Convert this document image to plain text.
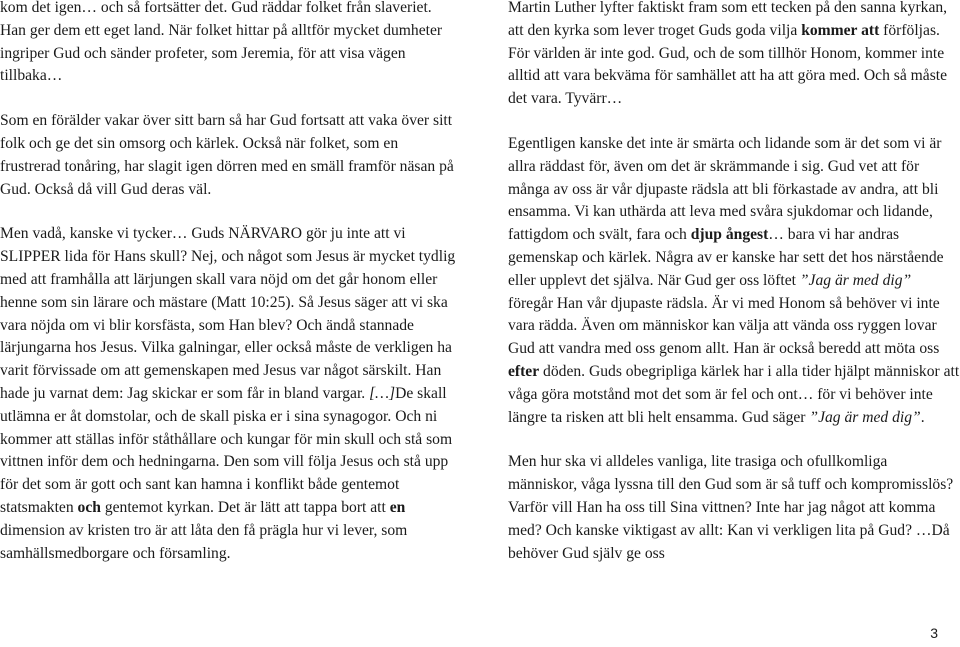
kom det igen… och så fortsätter det. Gud räddar folket från slaveriet. Han ger dem ett eget land. När folket hittar på alltför mycket dumheter ingriper Gud och sänder profeter, som Jeremia, för att visa vägen tillbaka…

Som en förälder vakar över sitt barn så har Gud fortsatt att vaka över sitt folk och ge det sin omsorg och kärlek. Också när folket, som en frustrerad tonåring, har slagit igen dörren med en smäll framför näsan på Gud. Också då vill Gud deras väl.

Men vadå, kanske vi tycker… Guds NÄRVARO gör ju inte att vi SLIPPER lida för Hans skull? Nej, och något som Jesus är mycket tydlig med att framhålla att lärjungen skall vara nöjd om det går honom eller henne som sin lärare och mästare (Matt 10:25). Så Jesus säger att vi ska vara nöjda om vi blir korsfästa, som Han blev? Och ändå stannade lärjungarna hos Jesus. Vilka galningar, eller också måste de verkligen ha varit förvissade om att gemenskapen med Jesus var något särskilt. Han hade ju varnat dem: Jag skickar er som får in bland vargar. […]De skall utlämna er åt domstolar, och de skall piska er i sina synagogor. Och ni kommer att ställas inför ståthållare och kungar för min skull och stå som vittnen inför dem och hedningarna. Den som vill följa Jesus och stå upp för det som är gott och sant kan hamna i konflikt både gentemot statsmakten och gentemot kyrkan. Det är lätt att tappa bort att en dimension av kristen tro är att låta den få prägla hur vi lever, som samhällsmedborgare och församling.

Martin Luther lyfter faktiskt fram som ett tecken på den sanna kyrkan, att den kyrka som lever troget Guds goda vilja kommer att förföljas. För världen är inte god. Gud, och de som tillhör Honom, kommer inte alltid att vara bekväma för samhället att ha att göra med. Och så måste det vara. Tyvärr…

Egentligen kanske det inte är smärta och lidande som är det som vi är allra räddast för, även om det är skrämmande i sig. Gud vet att för många av oss är vår djupaste rädsla att bli förkastade av andra, att bli ensamma. Vi kan uthärda att leva med svåra sjukdomar och lidande, fattigdom och svält, fara och djup ångest… bara vi har andras gemenskap och kärlek. Några av er kanske har sett det hos närstående eller upplevt det själva. När Gud ger oss löftet ”Jag är med dig” föregår Han vår djupaste rädsla. Är vi med Honom så behöver vi inte vara rädda. Även om människor kan välja att vända oss ryggen lovar Gud att vandra med oss genom allt. Han är också beredd att möta oss efter döden. Guds obegripliga kärlek har i alla tider hjälpt människor att våga göra motstånd mot det som är fel och ont… för vi behöver inte längre ta risken att bli helt ensamma. Gud säger ”Jag är med dig”.

Men hur ska vi alldeles vanliga, lite trasiga och ofullkomliga människor, våga lyssna till den Gud som är så tuff och kompromisslös? Varför vill Han ha oss till Sina vittnen? Inte har jag något att komma med? Och kanske viktigast av allt: Kan vi verkligen lita på Gud? …Då behöver Gud själv ge oss

3
